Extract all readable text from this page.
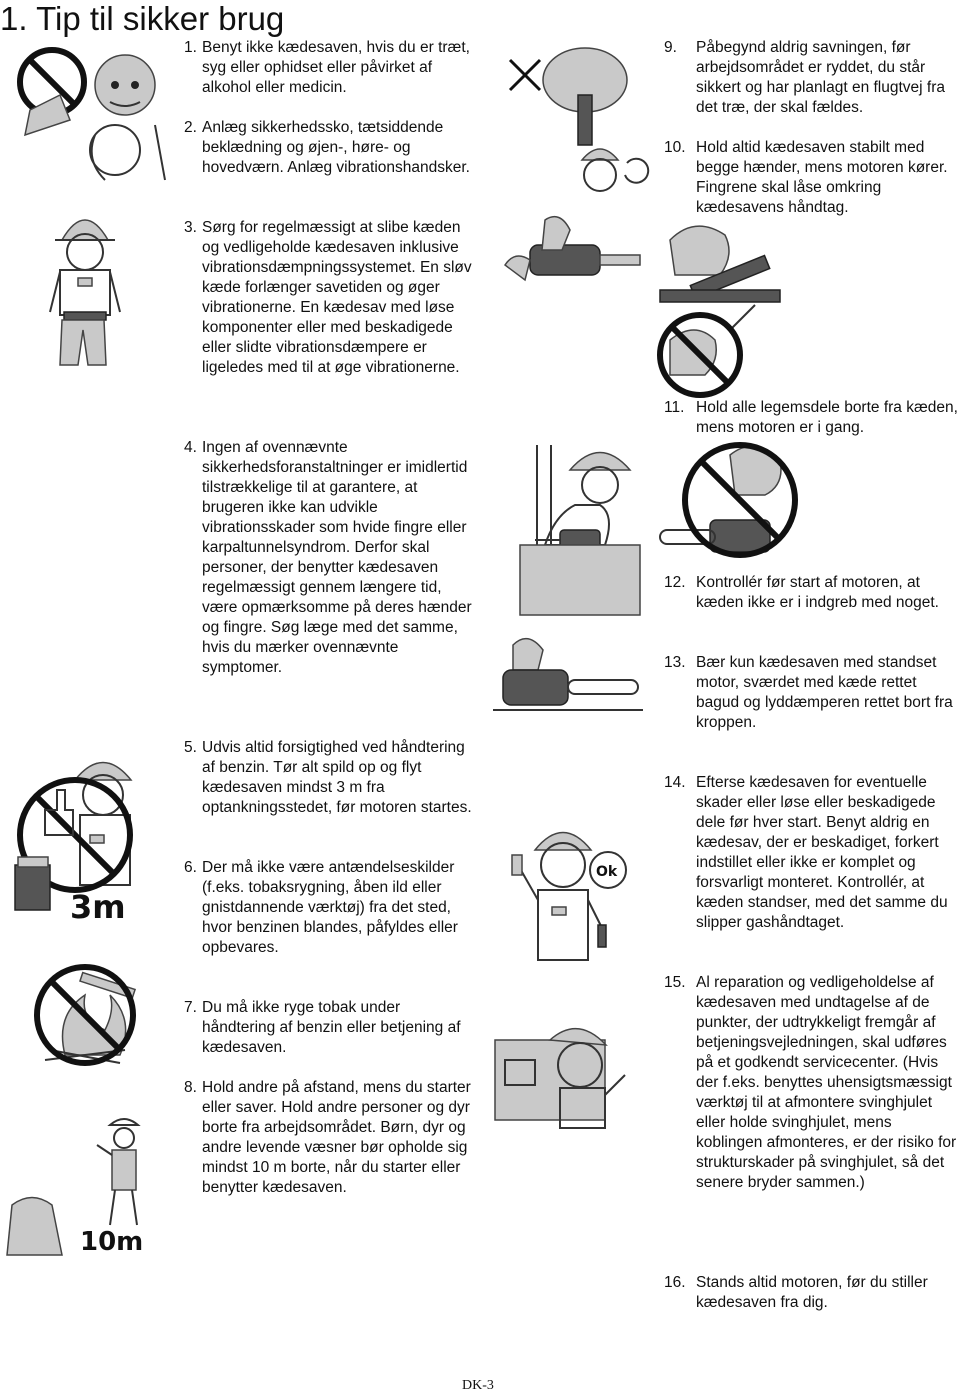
1. Tip til sikker brug
1. Benyt ikke kædesaven, hvis du er træt, syg eller ophidset eller påvirket af alkohol eller medicin.
2. Anlæg sikkerhedssko, tætsiddende beklædning og øjen-, høre- og hovedværn. Anlæg vibrationshandsker.
3. Sørg for regelmæssigt at slibe kæden og vedligeholde kædesaven inklusive vibrationsdæmpningssystemet. En sløv kæde forlænger savetiden og øger vibrationerne. En kædesav med løse komponenter eller med beskadigede eller slidte vibrationsdæmpere er ligeledes med til at øge vibrationerne.
4. Ingen af ovennævnte sikkerhedsforanstaltninger er imidlertid tilstrækkelige til at garantere, at brugeren ikke kan udvikle vibrationsskader som hvide fingre eller karpaltunnelsyndrom. Derfor skal personer, der benytter kædesaven regelmæssigt gennem længere tid, være opmærksomme på deres hænder og fingre. Søg læge med det samme, hvis du mærker ovennævnte symptomer.
5. Udvis altid forsigtighed ved håndtering af benzin. Tør alt spild op og flyt kædesaven mindst 3 m fra optankningsstedet, før motoren startes.
6. Der må ikke være antændelseskilder (f.eks. tobaksrygning, åben ild eller gnistdannende værktøj) fra det sted, hvor benzinen blandes, påfyldes eller opbevares.
7. Du må ikke ryge tobak under håndtering af benzin eller betjening af kædesaven.
8. Hold andre på afstand, mens du starter eller saver. Hold andre personer og dyr borte fra arbejdsområdet. Børn, dyr og andre levende væsner bør opholde sig mindst 10 m borte, når du starter eller benytter kædesaven.
9. Påbegynd aldrig savningen, før arbejdsområdet er ryddet, du står sikkert og har planlagt en flugtvej fra det træ, der skal fældes.
10. Hold altid kædesaven stabilt med begge hænder, mens motoren kører. Fingrene skal låse omkring kædesavens håndtag.
11. Hold alle legemsdele borte fra kæden, mens motoren er i gang.
12. Kontrollér før start af motoren, at kæden ikke er i indgreb med noget.
13. Bær kun kædesaven med standset motor, sværdet med kæde rettet bagud og lyddæmperen rettet bort fra kroppen.
14. Efterse kædesaven for eventuelle skader eller løse eller beskadigede dele før hver start. Benyt aldrig en kædesav, der er beskadiget, forkert indstillet eller ikke er komplet og forsvarligt monteret. Kontrollér, at kæden standser, med det samme du slipper gashåndtaget.
15. Al reparation og vedligeholdelse af kædesaven med undtagelse af de punkter, der udtrykkeligt fremgår af betjeningsvejledningen, skal udføres på et godkendt servicecenter. (Hvis der f.eks. benyttes uhensigtsmæssigt værktøj til at afmontere svinghjulet eller holde svinghjulet, mens koblingen afmonteres, er der risiko for strukturskader på svinghjulet, så det senere bryder sammen.)
16. Stands altid motoren, før du stiller kædesaven fra dig.
3m
10m
Ok
DK-3
